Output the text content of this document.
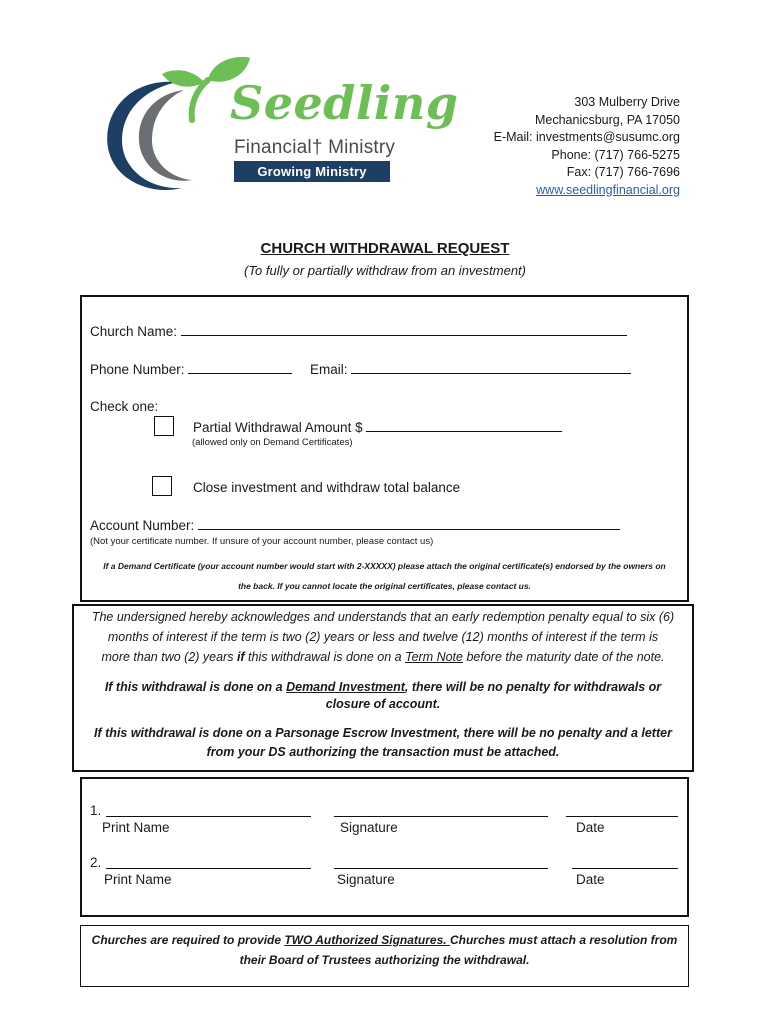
Seedling
Financial† Ministry
Growing Ministry Together
303 Mulberry Drive
Mechanicsburg, PA 17050
E-Mail: investments@susumc.org
Phone: (717) 766-5275
Fax: (717) 766-7696
www.seedlingfinancial.org
CHURCH WITHDRAWAL REQUEST
(To fully or partially withdraw from an investment)
Church Name:
Phone Number:	Email:
Check one:
Partial Withdrawal Amount $
(allowed only on Demand Certificates)
Close investment and withdraw total balance
Account Number:
(Not your certificate number. If unsure of your account number, please contact us)
If a Demand Certificate (your account number would start with 2-XXXXX) please attach the original certificate(s) endorsed by the owners on
the back. If you cannot locate the original certificates, please contact us.
The undersigned hereby acknowledges and understands that an early redemption penalty equal to six (6)
months of interest if the term is two (2) years or less and twelve (12) months of interest if the term is
more than two (2) years if this withdrawal is done on a Term Note before the maturity date of the note.
If this withdrawal is done on a Demand Investment, there will be no penalty for withdrawals or
closure of account.
If this withdrawal is done on a Parsonage Escrow Investment, there will be no penalty and a letter
from your DS authorizing the transaction must be attached.
1.
Print Name	Signature	Date
2.
Print Name	Signature	Date
Churches are required to provide TWO Authorized Signatures. Churches must attach a resolution from
their Board of Trustees authorizing the withdrawal.
